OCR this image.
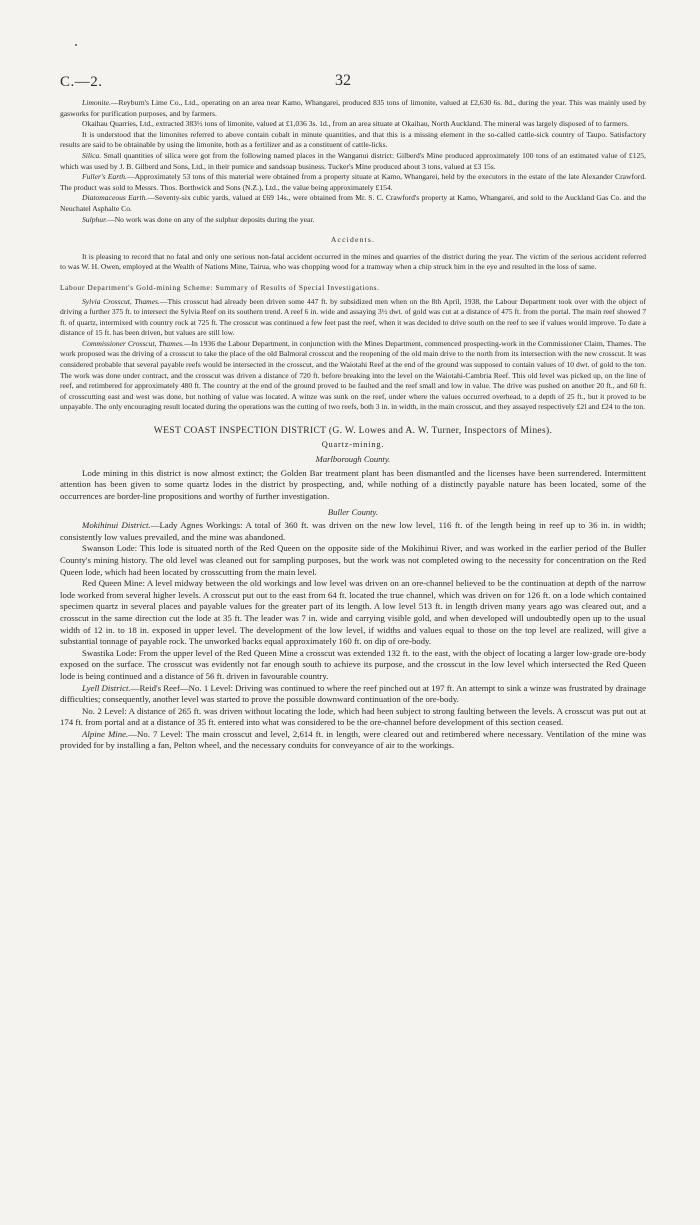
C.—2.	32

Limonite.—Reyburn's Lime Co., Ltd., operating on an area near Kamo, Whangarei, produced 835 tons of limonite, valued at £2,630 6s. 8d., during the year. This was mainly used by gasworks for purification purposes, and by farmers.

Okaihau Quarries, Ltd., extracted 383½ tons of limonite, valued at £1,036 3s. 1d., from an area situate at Okaihau, North Auckland. The mineral was largely disposed of to farmers.

It is understood that the limonites referred to above contain cobalt in minute quantities, and that this is a missing element in the so-called cattle-sick country of Taupo. Satisfactory results are said to be obtainable by using the limonite, both as a fertilizer and as a constituent of cattle-licks.

Silica. Small quantities of silica were got from the following named places in the Wanganui district: Gilberd's Mine produced approximately 100 tons of an estimated value of £125, which was used by J. B. Gilberd and Sons, Ltd., in their pumice and sandsoap business. Tucker's Mine produced about 3 tons, valued at £3 15s.

Fuller's Earth.—Approximately 53 tons of this material were obtained from a property situate at Kamo, Whangarei, held by the executors in the estate of the late Alexander Crawford. The product was sold to Messrs. Thos. Borthwick and Sons (N.Z.), Ltd., the value being approximately £154.

Diatomaceous Earth.—Seventy-six cubic yards, valued at £69 14s., were obtained from Mr. S. C. Crawford's property at Kamo, Whangarei, and sold to the Auckland Gas Co. and the Neuchatel Asphalte Co.

Sulphur.—No work was done on any of the sulphur deposits during the year.

Accidents.

It is pleasing to record that no fatal and only one serious non-fatal accident occurred in the mines and quarries of the district during the year. The victim of the serious accident referred to was W. H. Owen, employed at the Wealth of Nations Mine, Tairua, who was chopping wood for a tramway when a chip struck him in the eye and resulted in the loss of same.

Labour Department's Gold-mining Scheme: Summary of Results of Special Investigations.

Sylvia Crosscut, Thames.—This crosscut had already been driven some 447 ft. by subsidized men when on the 8th April, 1938, the Labour Department took over with the object of driving a further 375 ft. to intersect the Sylvia Reef on its southern trend. A reef 6 in. wide and assaying 3½ dwt. of gold was cut at a distance of 475 ft. from the portal. The main reef showed 7 ft. of quartz, intermixed with country rock at 725 ft. The crosscut was continued a few feet past the reef, when it was decided to drive south on the reef to see if values would improve. To date a distance of 15 ft. has been driven, but values are still low.

Commissioner Crosscut, Thames.—In 1936 the Labour Department, in conjunction with the Mines Department, commenced prospecting-work in the Commissioner Claim, Thames. The work proposed was the driving of a crosscut to take the place of the old Balmoral crosscut and the reopening of the old main drive to the north from its intersection with the new crosscut. It was considered probable that several payable reefs would be intersected in the crosscut, and the Waiotahi Reef at the end of the ground was supposed to contain values of 10 dwt. of gold to the ton. The work was done under contract, and the crosscut was driven a distance of 720 ft. before breaking into the level on the Waiotahi-Cambria Reef. This old level was picked up, on the line of reef, and retimbered for approximately 480 ft. The country at the end of the ground proved to be faulted and the reef small and low in value. The drive was pushed on another 20 ft., and 60 ft. of crosscutting east and west was done, but nothing of value was located. A winze was sunk on the reef, under where the values occurred overhead, to a depth of 25 ft., but it proved to be unpayable. The only encouraging result located during the operations was the cutting of two reefs, both 3 in. in width, in the main crosscut, and they assayed respectively £2l and £24 to the ton.

WEST COAST INSPECTION DISTRICT (G. W. Lowes and A. W. Turner, Inspectors of Mines).

Quartz-mining.

Marlborough County.

Lode mining in this district is now almost extinct; the Golden Bar treatment plant has been dismantled and the licenses have been surrendered. Intermittent attention has been given to some quartz lodes in the district by prospecting, and, while nothing of a distinctly payable nature has been located, some of the occurrences are border-line propositions and worthy of further investigation.

Buller County.

Mokihinui District.—Lady Agnes Workings: A total of 360 ft. was driven on the new low level, 116 ft. of the length being in reef up to 36 in. in width; consistently low values prevailed, and the mine was abandoned.

Swanson Lode: This lode is situated north of the Red Queen on the opposite side of the Mokihinui River, and was worked in the earlier period of the Buller County's mining history. The old level was cleaned out for sampling purposes, but the work was not completed owing to the necessity for concentration on the Red Queen lode, which had been located by crosscutting from the main level.

Red Queen Mine: A level midway between the old workings and low level was driven on an ore-channel believed to be the continuation at depth of the narrow lode worked from several higher levels. A crosscut put out to the east from 64 ft. located the true channel, which was driven on for 126 ft. on a lode which contained specimen quartz in several places and payable values for the greater part of its length. A low level 513 ft. in length driven many years ago was cleared out, and a crosscut in the same direction cut the lode at 35 ft. The leader was 7 in. wide and carrying visible gold, and when developed will undoubtedly open up to the usual width of 12 in. to 18 in. exposed in upper level. The development of the low level, if widths and values equal to those on the top level are realized, will give a substantial tonnage of payable rock. The unworked backs equal approximately 160 ft. on dip of ore-body.

Swastika Lode: From the upper level of the Red Queen Mine a crosscut was extended 132 ft. to the east, with the object of locating a larger low-grade ore-body exposed on the surface. The crosscut was evidently not far enough south to achieve its purpose, and the crosscut in the low level which intersected the Red Queen lode is being continued and a distance of 56 ft. driven in favourable country.

Lyell District.—Reid's Reef—No. 1 Level: Driving was continued to where the reef pinched out at 197 ft. An attempt to sink a winze was frustrated by drainage difficulties; consequently, another level was started to prove the possible downward continuation of the ore-body.

No. 2 Level: A distance of 265 ft. was driven without locating the lode, which had been subject to strong faulting between the levels. A crosscut was put out at 174 ft. from portal and at a distance of 35 ft. entered into what was considered to be the ore-channel before development of this section ceased.

Alpine Mine.—No. 7 Level: The main crosscut and level, 2,614 ft. in length, were cleared out and retimbered where necessary. Ventilation of the mine was provided for by installing a fan, Pelton wheel, and the necessary conduits for conveyance of air to the workings.
